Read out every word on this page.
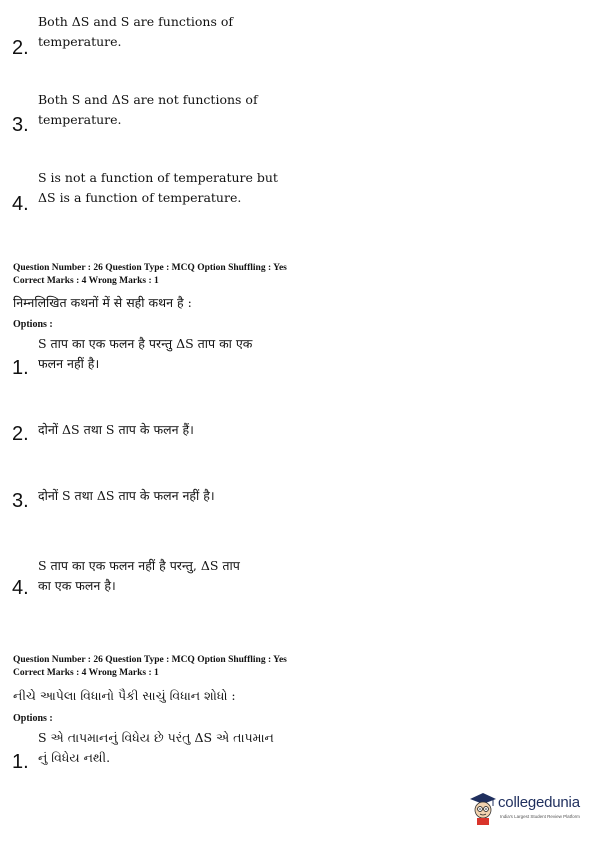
Both ΔS and S are functions of
temperature.
2.
Both S and ΔS are not functions of
temperature.
3.
S is not a function of temperature but
ΔS is a function of temperature.
4.
Question Number : 26 Question Type : MCQ Option Shuffling : Yes
Correct Marks : 4 Wrong Marks : 1
निम्नलिखित कथनों में से सही कथन है :
Options :
S ताप का एक फलन है परन्तु ΔS ताप का एक
फलन नहीं है।
1.
दोनों ΔS तथा S ताप के फलन हैं।
2.
दोनों S तथा ΔS ताप के फलन नहीं है।
3.
S ताप का एक फलन नहीं है परन्तु, ΔS ताप
का एक फलन है।
4.
Question Number : 26 Question Type : MCQ Option Shuffling : Yes
Correct Marks : 4 Wrong Marks : 1
નીચે આપેલા વિધાનો પૈકી સાચું વિધાન શોધો :
Options :
S એ તાપમાનનું વિધેય છે પરંતુ ΔS એ તાપમાન
નું વિધેય નથી.
1.
collegedunia
India's Largest Student Review Platform
